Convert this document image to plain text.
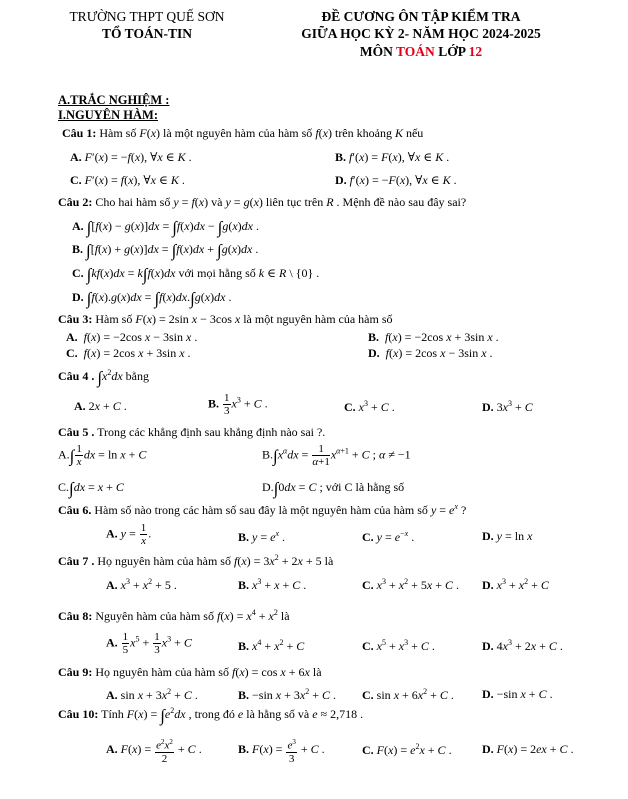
TRƯỜNG THPT QUẾ SƠN
TỔ TOÁN-TIN
ĐỀ CƯƠNG ÔN TẬP KIỂM TRA
GIỮA HỌC KỲ 2- NĂM HỌC 2024-2025
MÔN TOÁN LỚP 12
A.TRẮC NGHIỆM :
I.NGUYÊN HÀM:
Câu 1: Hàm số F(x) là một nguyên hàm của hàm số f(x) trên khoảng K nếu
A. F′(x) = −f(x), ∀x ∈ K .	B. f′(x) = F(x), ∀x ∈ K .
C. F′(x) = f(x), ∀x ∈ K .	D. f′(x) = −F(x), ∀x ∈ K .
Câu 2: Cho hai hàm số y = f(x) và y = g(x) liên tục trên R . Mệnh đề nào sau đây sai?
A. ∫[f(x) − g(x)]dx = ∫f(x)dx − ∫g(x)dx .
B. ∫[f(x) + g(x)]dx = ∫f(x)dx + ∫g(x)dx .
C. ∫kf(x)dx = k∫f(x)dx với mọi hằng số k ∈ R \ {0} .
D. ∫f(x).g(x)dx = ∫f(x)dx.∫g(x)dx .
Câu 3: Hàm số F(x) = 2sin x − 3cos x là một nguyên hàm của hàm số
A. f(x) = −2cos x − 3sin x .	B. f(x) = −2cos x + 3sin x .
C. f(x) = 2cos x + 3sin x .	D. f(x) = 2cos x − 3sin x .
Câu 4 . $\int x^2dx$ bằng
A. 2x + C .	B. $\frac{1}{3} x^3 + C$ .	C. $x^3 + C$ .	D. $3x^3 + C$
Câu 5 . Trong các khẳng định sau khẳng định nào sai ?.
$A.\int \frac{1}{x}$ dx = ln x + C	$B.\int x^\alpha dx = \frac{1}{\alpha+1} x^{\alpha+1} + C$ ; α ≠ −1
C.∫dx = x + C	D.∫0dx = C ; với C là hằng số
Câu 6. Hàm số nào trong các hàm số sau đây là một nguyên hàm của hàm số $y = e^x$ ?
A. $y = \frac{1}{x}$ .	B. $y = e^x$ .	C. $y = e^{-x}$ .	D. y = ln x
Câu 7 . Họ nguyên hàm của hàm số $f(x) = 3x^2 + 2x + 5$ là
A. $x^3 + x^2 + 5$ .	B. $x^3 + x + C$ .	C. $x^3 + x^2 + 5x + C$ . D. $x^3 + x^2 + C$
Câu 8: Nguyên hàm của hàm số $f(x) = x^4 + x^2$ là
A. $\frac{1}{5} x^5 + \frac{1}{3} x^3 + C$	B. $x^4 + x^2 + C$	C. $x^5 + x^3 + C$ .	D. $4x^3 + 2x + C$ .
Câu 9: Họ nguyên hàm của hàm số f(x) = cos x + 6x là
A. $\sin x + 3x^2 + C$ .	B. −sin $x + 3x^2 + C$ . C. $\sin x + 6x^2 + C$ . D. −sin x + C .
Câu 10: Tính $F(x) = \int e^2dx$ , trong đó e là hằng số và e ≈ 2,718 .
A. $F(x) = \frac{e^2x^2}{2} + C$ .	B. $F(x) = \frac{e^3}{3} + C$ .	C. $F(x) = e^2x + C$ .	D. F(x) = 2ex + C .
